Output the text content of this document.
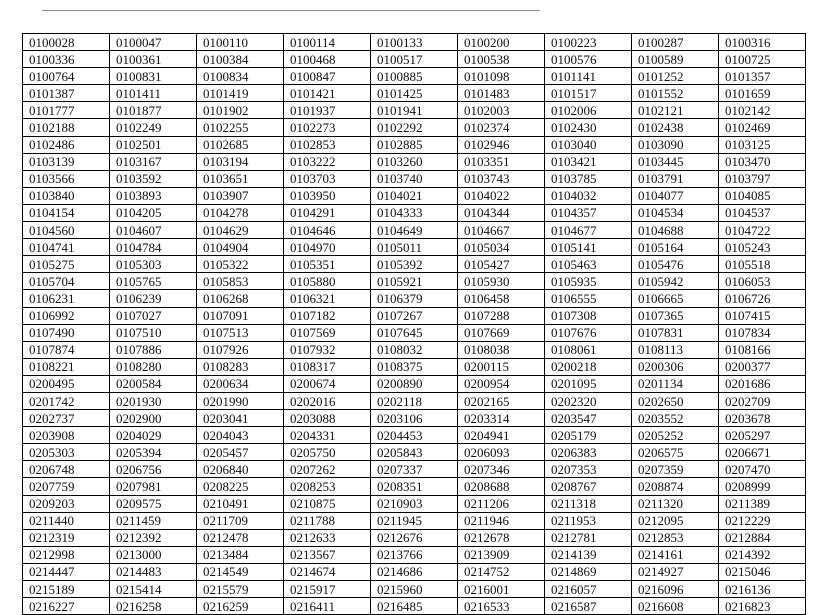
0100028	0100047	0100110	0100114	0100133	0100200	0100223	0100287	0100316
0100336	0100361	0100384	0100468	0100517	0100538	0100576	0100589	0100725
0100764	0100831	0100834	0100847	0100885	0101098	0101141	0101252	0101357
0101387	0101411	0101419	0101421	0101425	0101483	0101517	0101552	0101659
0101777	0101877	0101902	0101937	0101941	0102003	0102006	0102121	0102142
0102188	0102249	0102255	0102273	0102292	0102374	0102430	0102438	0102469
0102486	0102501	0102685	0102853	0102885	0102946	0103040	0103090	0103125
0103139	0103167	0103194	0103222	0103260	0103351	0103421	0103445	0103470
0103566	0103592	0103651	0103703	0103740	0103743	0103785	0103791	0103797
0103840	0103893	0103907	0103950	0104021	0104022	0104032	0104077	0104085
0104154	0104205	0104278	0104291	0104333	0104344	0104357	0104534	0104537
0104560	0104607	0104629	0104646	0104649	0104667	0104677	0104688	0104722
0104741	0104784	0104904	0104970	0105011	0105034	0105141	0105164	0105243
0105275	0105303	0105322	0105351	0105392	0105427	0105463	0105476	0105518
0105704	0105765	0105853	0105880	0105921	0105930	0105935	0105942	0106053
0106231	0106239	0106268	0106321	0106379	0106458	0106555	0106665	0106726
0106992	0107027	0107091	0107182	0107267	0107288	0107308	0107365	0107415
0107490	0107510	0107513	0107569	0107645	0107669	0107676	0107831	0107834
0107874	0107886	0107926	0107932	0108032	0108038	0108061	0108113	0108166
0108221	0108280	0108283	0108317	0108375	0200115	0200218	0200306	0200377
0200495	0200584	0200634	0200674	0200890	0200954	0201095	0201134	0201686
0201742	0201930	0201990	0202016	0202118	0202165	0202320	0202650	0202709
0202737	0202900	0203041	0203088	0203106	0203314	0203547	0203552	0203678
0203908	0204029	0204043	0204331	0204453	0204941	0205179	0205252	0205297
0205303	0205394	0205457	0205750	0205843	0206093	0206383	0206575	0206671
0206748	0206756	0206840	0207262	0207337	0207346	0207353	0207359	0207470
0207759	0207981	0208225	0208253	0208351	0208688	0208767	0208874	0208999
0209203	0209575	0210491	0210875	0210903	0211206	0211318	0211320	0211389
0211440	0211459	0211709	0211788	0211945	0211946	0211953	0212095	0212229
0212319	0212392	0212478	0212633	0212676	0212678	0212781	0212853	0212884
0212998	0213000	0213484	0213567	0213766	0213909	0214139	0214161	0214392
0214447	0214483	0214549	0214674	0214686	0214752	0214869	0214927	0215046
0215189	0215414	0215579	0215917	0215960	0216001	0216057	0216096	0216136
0216227	0216258	0216259	0216411	0216485	0216533	0216587	0216608	0216823
